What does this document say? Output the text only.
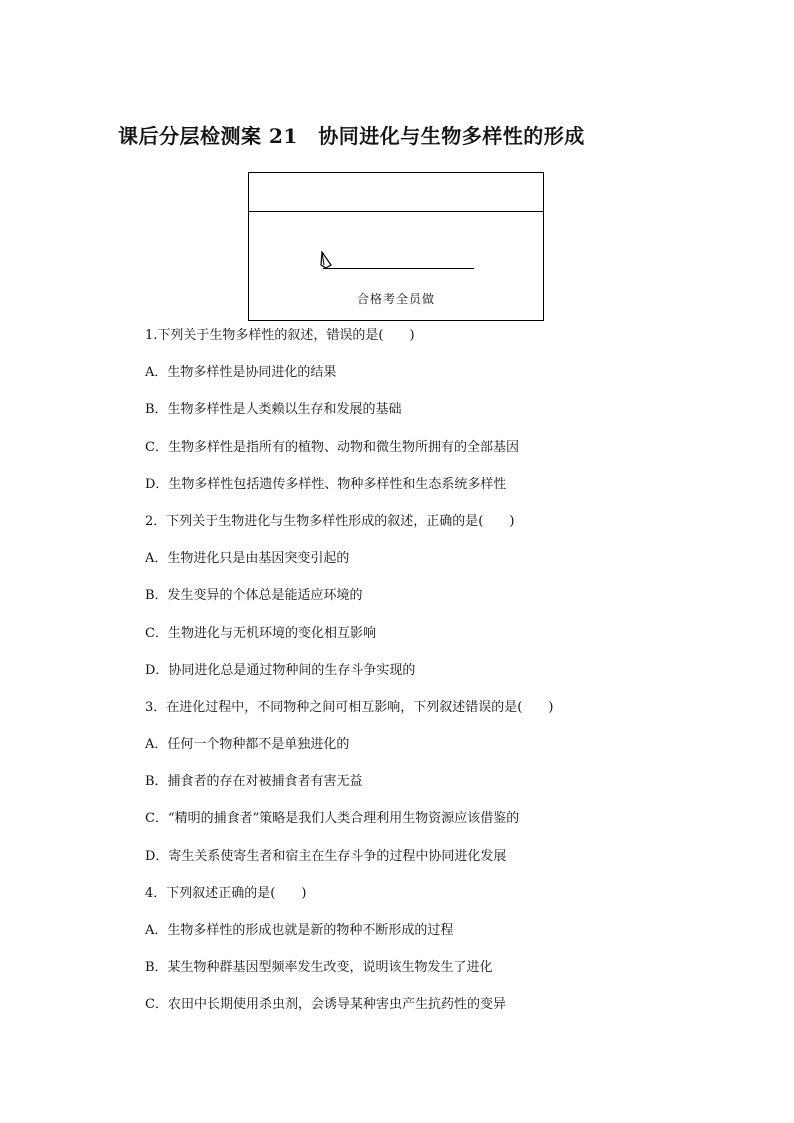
课后分层检测案 21　协同进化与生物多样性的形成
合格考全员做
1.下列关于生物多样性的叙述，错误的是(　　)
A．生物多样性是协同进化的结果
B．生物多样性是人类赖以生存和发展的基础
C．生物多样性是指所有的植物、动物和微生物所拥有的全部基因
D．生物多样性包括遗传多样性、物种多样性和生态系统多样性
2．下列关于生物进化与生物多样性形成的叙述，正确的是(　　)
A．生物进化只是由基因突变引起的
B．发生变异的个体总是能适应环境的
C．生物进化与无机环境的变化相互影响
D．协同进化总是通过物种间的生存斗争实现的
3．在进化过程中，不同物种之间可相互影响，下列叙述错误的是(　　)
A．任何一个物种都不是单独进化的
B．捕食者的存在对被捕食者有害无益
C．“精明的捕食者”策略是我们人类合理利用生物资源应该借鉴的
D．寄生关系使寄生者和宿主在生存斗争的过程中协同进化发展
4．下列叙述正确的是(　　)
A．生物多样性的形成也就是新的物种不断形成的过程
B．某生物种群基因型频率发生改变，说明该生物发生了进化
C．农田中长期使用杀虫剂，会诱导某种害虫产生抗药性的变异
